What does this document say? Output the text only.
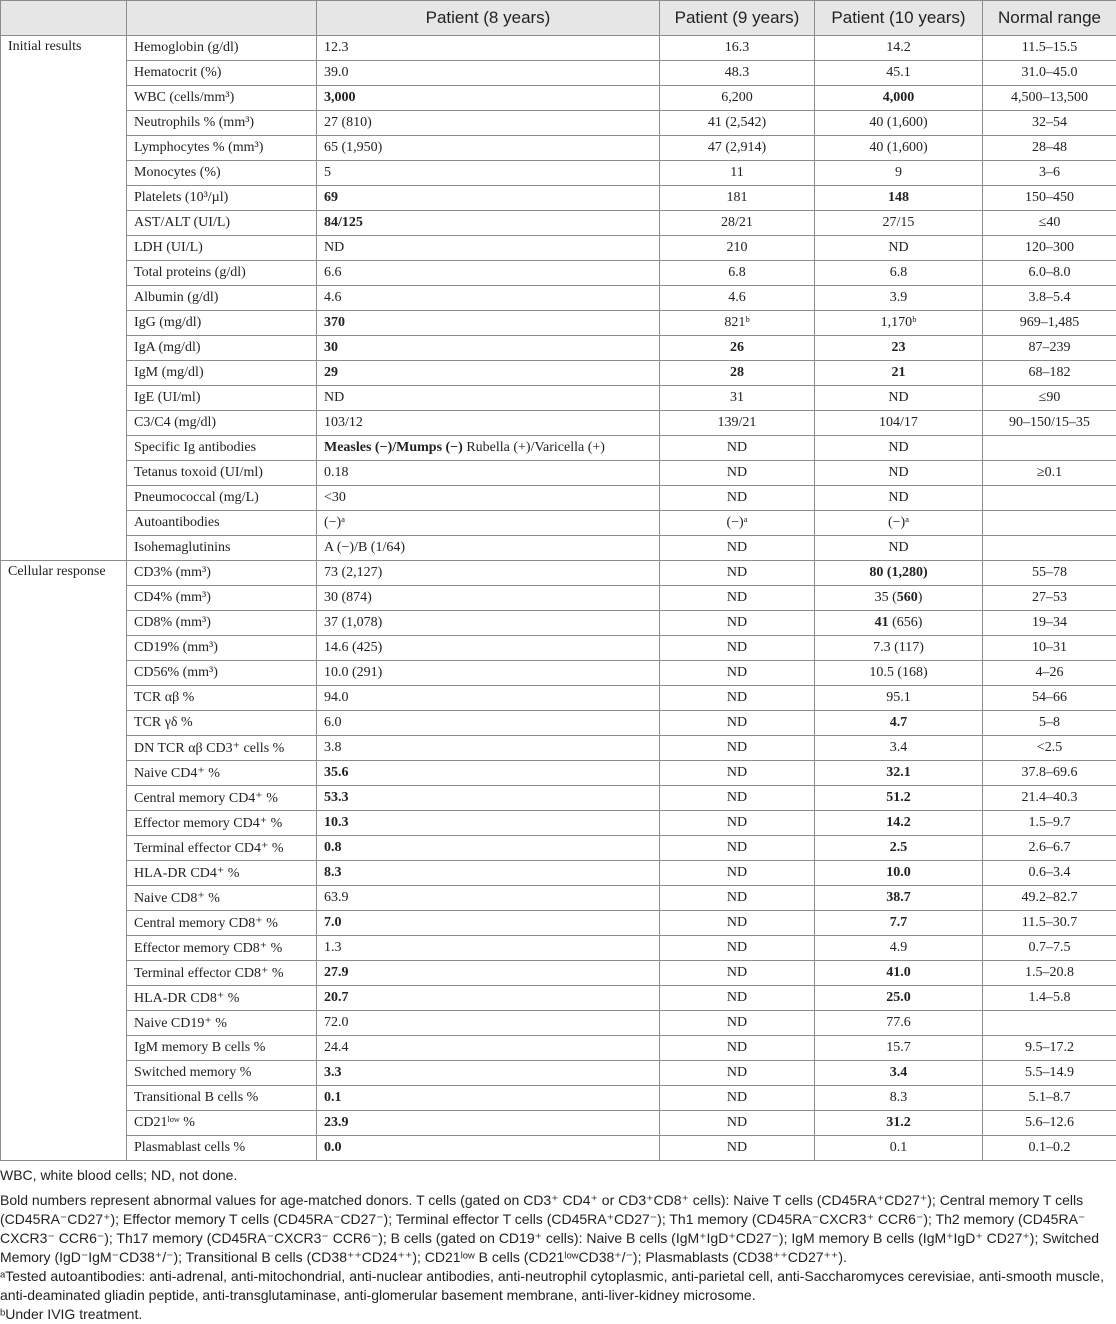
		Patient (8 years)	Patient (9 years)	Patient (10 years)	Normal range
Initial results	Hemoglobin (g/dl)	12.3	16.3	14.2	11.5–15.5
	Hematocrit (%)	39.0	48.3	45.1	31.0–45.0
	WBC (cells/mm³)	3,000	6,200	4,000	4,500–13,500
	Neutrophils % (mm³)	27 (810)	41 (2,542)	40 (1,600)	32–54
	Lymphocytes % (mm³)	65 (1,950)	47 (2,914)	40 (1,600)	28–48
	Monocytes (%)	5	11	9	3–6
	Platelets (10³/µl)	69	181	148	150–450
	AST/ALT (UI/L)	84/125	28/21	27/15	≤40
	LDH (UI/L)	ND	210	ND	120–300
	Total proteins (g/dl)	6.6	6.8	6.8	6.0–8.0
	Albumin (g/dl)	4.6	4.6	3.9	3.8–5.4
	IgG (mg/dl)	370	821ᵇ	1,170ᵇ	969–1,485
	IgA (mg/dl)	30	26	23	87–239
	IgM (mg/dl)	29	28	21	68–182
	IgE (UI/ml)	ND	31	ND	≤90
	C3/C4 (mg/dl)	103/12	139/21	104/17	90–150/15–35
	Specific Ig antibodies	Measles (−)/Mumps (−) Rubella (+)/Varicella (+)	ND	ND	
	Tetanus toxoid (UI/ml)	0.18	ND	ND	≥0.1
	Pneumococcal (mg/L)	<30	ND	ND	
	Autoantibodies	(−)ᵃ	(−)ᵃ	(−)ᵃ	
	Isohemaglutinins	A (−)/B (1/64)	ND	ND	
Cellular response	CD3% (mm³)	73 (2,127)	ND	80 (1,280)	55–78
	CD4% (mm³)	30 (874)	ND	35 (560)	27–53
	CD8% (mm³)	37 (1,078)	ND	41 (656)	19–34
	CD19% (mm³)	14.6 (425)	ND	7.3 (117)	10–31
	CD56% (mm³)	10.0 (291)	ND	10.5 (168)	4–26
	TCR αβ %	94.0	ND	95.1	54–66
	TCR γδ %	6.0	ND	4.7	5–8
	DN TCR αβ CD3⁺ cells %	3.8	ND	3.4	<2.5
	Naive CD4⁺ %	35.6	ND	32.1	37.8–69.6
	Central memory CD4⁺ %	53.3	ND	51.2	21.4–40.3
	Effector memory CD4⁺ %	10.3	ND	14.2	1.5–9.7
	Terminal effector CD4⁺ %	0.8	ND	2.5	2.6–6.7
	HLA-DR CD4⁺ %	8.3	ND	10.0	0.6–3.4
	Naive CD8⁺ %	63.9	ND	38.7	49.2–82.7
	Central memory CD8⁺ %	7.0	ND	7.7	11.5–30.7
	Effector memory CD8⁺ %	1.3	ND	4.9	0.7–7.5
	Terminal effector CD8⁺ %	27.9	ND	41.0	1.5–20.8
	HLA-DR CD8⁺ %	20.7	ND	25.0	1.4–5.8
	Naive CD19⁺ %	72.0	ND	77.6	
	IgM memory B cells %	24.4	ND	15.7	9.5–17.2
	Switched memory %	3.3	ND	3.4	5.5–14.9
	Transitional B cells %	0.1	ND	8.3	5.1–8.7
	CD21ˡᵒʷ %	23.9	ND	31.2	5.6–12.6
	Plasmablast cells %	0.0	ND	0.1	0.1–0.2

WBC, white blood cells; ND, not done.

Bold numbers represent abnormal values for age-matched donors. T cells (gated on CD3⁺ CD4⁺ or CD3⁺CD8⁺ cells): Naive T cells (CD45RA⁺CD27⁺); Central memory T cells (CD45RA⁻CD27⁺); Effector memory T cells (CD45RA⁻CD27⁻); Terminal effector T cells (CD45RA⁺CD27⁻); Th1 memory (CD45RA⁻CXCR3⁺ CCR6⁻); Th2 memory (CD45RA⁻ CXCR3⁻ CCR6⁻); Th17 memory (CD45RA⁻CXCR3⁻ CCR6⁻); B cells (gated on CD19⁺ cells): Naive B cells (IgM⁺IgD⁺CD27⁻); IgM memory B cells (IgM⁺IgD⁺ CD27⁺); Switched Memory (IgD⁻IgM⁻CD38⁺/⁻); Transitional B cells (CD38⁺⁺CD24⁺⁺); CD21ˡᵒʷ B cells (CD21ˡᵒʷCD38⁺/⁻); Plasmablasts (CD38⁺⁺CD27⁺⁺).

ᵃTested autoantibodies: anti-adrenal, anti-mitochondrial, anti-nuclear antibodies, anti-neutrophil cytoplasmic, anti-parietal cell, anti-Saccharomyces cerevisiae, anti-smooth muscle, anti-deaminated gliadin peptide, anti-transglutaminase, anti-glomerular basement membrane, anti-liver-kidney microsome.

ᵇUnder IVIG treatment.
